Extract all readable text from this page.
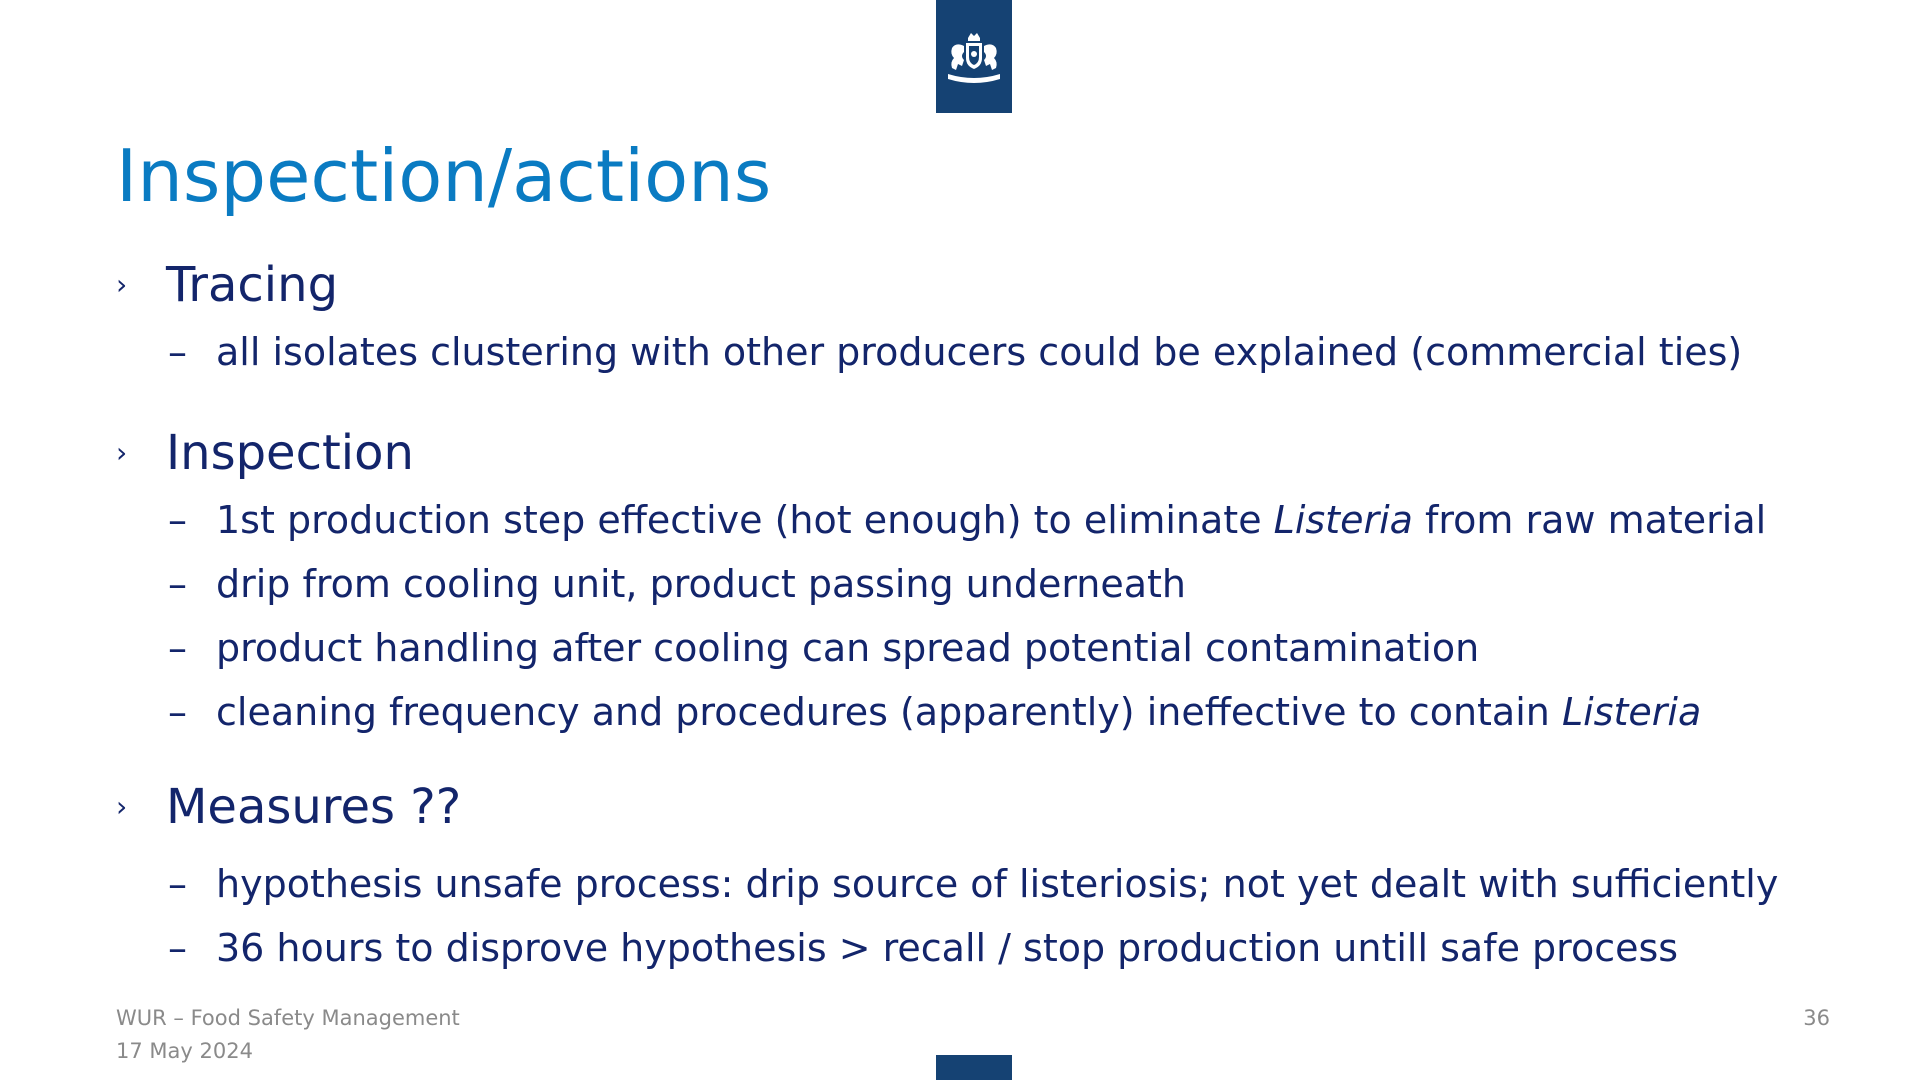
Inspection/actions
› Tracing
– all isolates clustering with other producers could be explained (commercial ties)
› Inspection
– 1st production step effective (hot enough) to eliminate Listeria from raw material
– drip from cooling unit, product passing underneath
– product handling after cooling can spread potential contamination
– cleaning frequency and procedures (apparently) ineffective to contain Listeria
› Measures ??
– hypothesis unsafe process: drip source of listeriosis; not yet dealt with sufficiently
– 36 hours to disprove hypothesis > recall / stop production untill safe process
WUR – Food Safety Management
17 May 2024
36
